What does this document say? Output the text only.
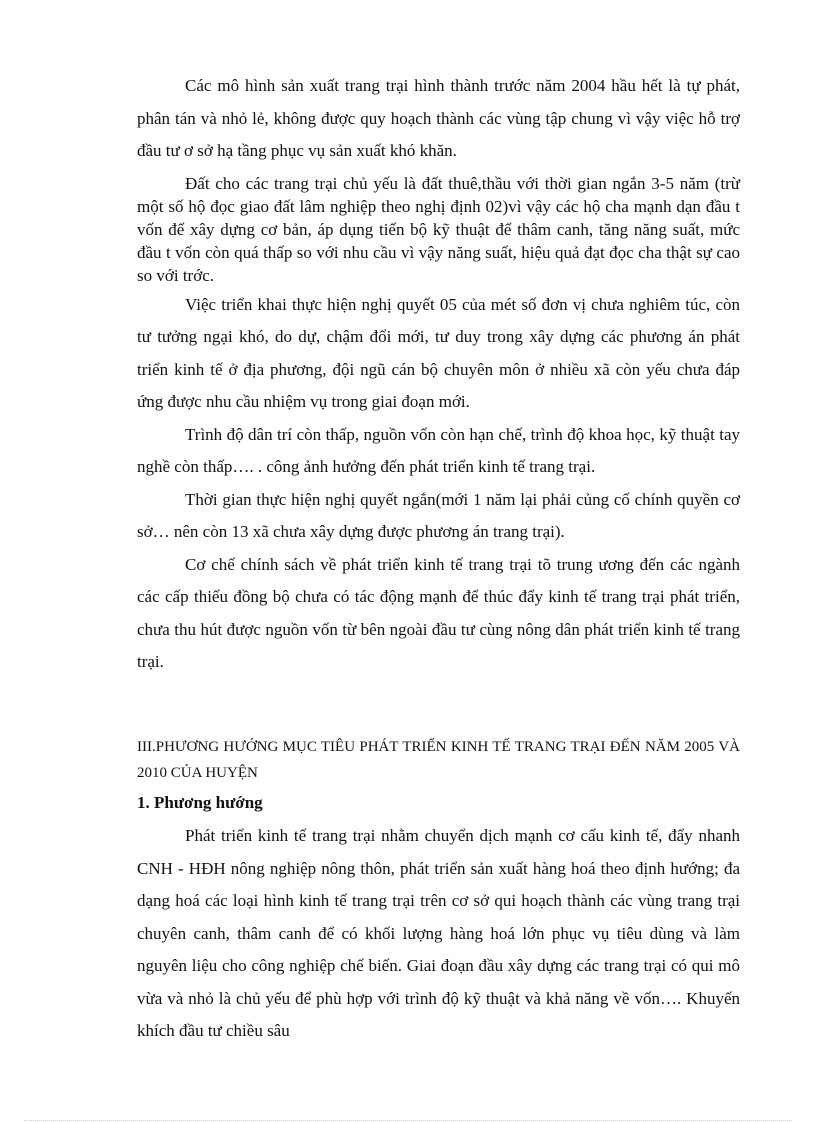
Các mô hình sản xuất trang trại hình thành trước năm 2004 hầu hết là tự phát, phân tán và nhỏ lẻ, không được quy hoạch thành các vùng tập chung vì vậy việc hỗ trợ đầu tư ơ sở hạ tầng phục vụ sản xuất khó khăn.

Đất cho các trang trại chủ yếu là đất thuê,thầu với thời gian ngắn 3-5 năm (trừ một số hộ đọc giao đất lâm nghiệp theo nghị định 02)vì vậy các hộ cha mạnh dạn đầu t vốn để xây dựng cơ bản, áp dụng tiến bộ kỹ thuật để thâm canh, tăng năng suất, mức đầu t vốn còn quá thấp so với nhu cầu vì vậy năng suất, hiệu quả đạt đọc cha thật sự cao so với trớc.

Việc triển khai thực hiện nghị quyết 05 của mét số đơn vị chưa nghiêm túc, còn tư tưởng ngại khó, do dự, chậm đổi mới, tư duy trong xây dựng các phương án phát triển kinh tế ở địa phương, đội ngũ cán bộ chuyên môn ở nhiều xã còn yếu chưa đáp ứng được nhu cầu nhiệm vụ trong giai đoạn mới.

Trình độ dân trí còn thấp, nguồn vốn còn hạn chế, trình độ khoa học, kỹ thuật tay nghề còn thấp…. . công ảnh hưởng đến phát triển kinh tế trang trại.

Thời gian thực hiện nghị quyết ngắn(mới 1 năm lại phải củng cố chính quyền cơ sở… nên còn 13 xã chưa xây dựng được phương án trang trại).

Cơ chế chính sách về phát triển kinh tế trang trại tõ trung ương đến các ngành các cấp thiếu đồng bộ chưa có tác động mạnh để thúc đẩy kinh tế trang trại phát triển, chưa thu hút được nguồn vốn từ bên ngoài đầu tư cùng nông dân phát triển kinh tế trang trại.

III.PHƯƠNG HƯỚNG MỤC TIÊU PHÁT TRIỂN KINH TẾ TRANG TRẠI ĐẾN NĂM 2005 VÀ 2010 CỦA HUYỆN
1. Phương hướng

Phát triển kinh tế trang trại nhằm chuyển dịch mạnh cơ cấu kinh tế, đẩy nhanh CNH - HĐH nông nghiệp nông thôn, phát triển sản xuất hàng hoá theo định hướng; đa dạng hoá các loại hình kinh tế trang trại trên cơ sở qui hoạch thành các vùng trang trại chuyên canh, thâm canh để có khối lượng hàng hoá lớn phục vụ tiêu dùng và làm nguyên liệu cho công nghiệp chế biến. Giai đoạn đầu xây dựng các trang trại có qui mô vừa và nhỏ là chủ yếu để phù hợp với trình độ kỹ thuật và khả năng về vốn…. Khuyến khích đầu tư chiều sâu
